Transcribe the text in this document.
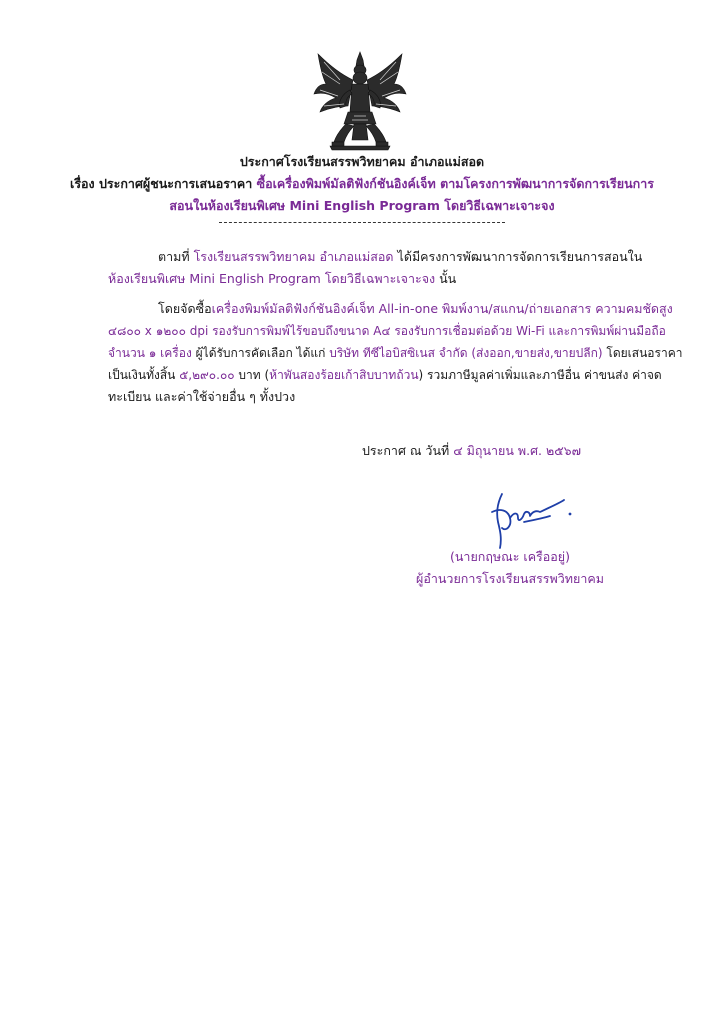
ประกาศโรงเรียนสรรพวิทยาคม อำเภอแม่สอด
เรื่อง ประกาศผู้ชนะการเสนอราคา ซื้อเครื่องพิมพ์มัลติฟังก์ชันอิงค์เจ็ท ตามโครงการพัฒนาการจัดการเรียนการ
สอนในห้องเรียนพิเศษ Mini English Program โดยวิธีเฉพาะเจาะจง
ตามที่ โรงเรียนสรรพวิทยาคม อำเภอแม่สอด ได้มีครงการพัฒนาการจัดการเรียนการสอนใน
ห้องเรียนพิเศษ Mini English Program โดยวิธีเฉพาะเจาะจง นั้น
โดยจัดซื้อเครื่องพิมพ์มัลติฟังก์ชันอิงค์เจ็ท All-in-one พิมพ์งาน/สแกน/ถ่ายเอกสาร ความคมชัดสูง
๔๘๐๐ x ๑๒๐๐ dpi รองรับการพิมพ์ไร้ขอบถึงขนาด A๔ รองรับการเชื่อมต่อด้วย Wi-Fi และการพิมพ์ผ่านมือถือ
จำนวน ๑ เครื่อง ผู้ได้รับการคัดเลือก ได้แก่ บริษัท ทีซีไอบิสซิเนส จำกัด (ส่งออก,ขายส่ง,ขายปลีก) โดยเสนอราคา
เป็นเงินทั้งสิ้น ๕,๒๙๐.๐๐ บาท (ห้าพันสองร้อยเก้าสิบบาทถ้วน) รวมภาษีมูลค่าเพิ่มและภาษีอื่น ค่าขนส่ง ค่าจด
ทะเบียน และค่าใช้จ่ายอื่น ๆ ทั้งปวง
ประกาศ ณ วันที่ ๔ มิถุนายน พ.ศ. ๒๕๖๗
(นายกฤษณะ เครืออยู่)
ผู้อำนวยการโรงเรียนสรรพวิทยาคม
